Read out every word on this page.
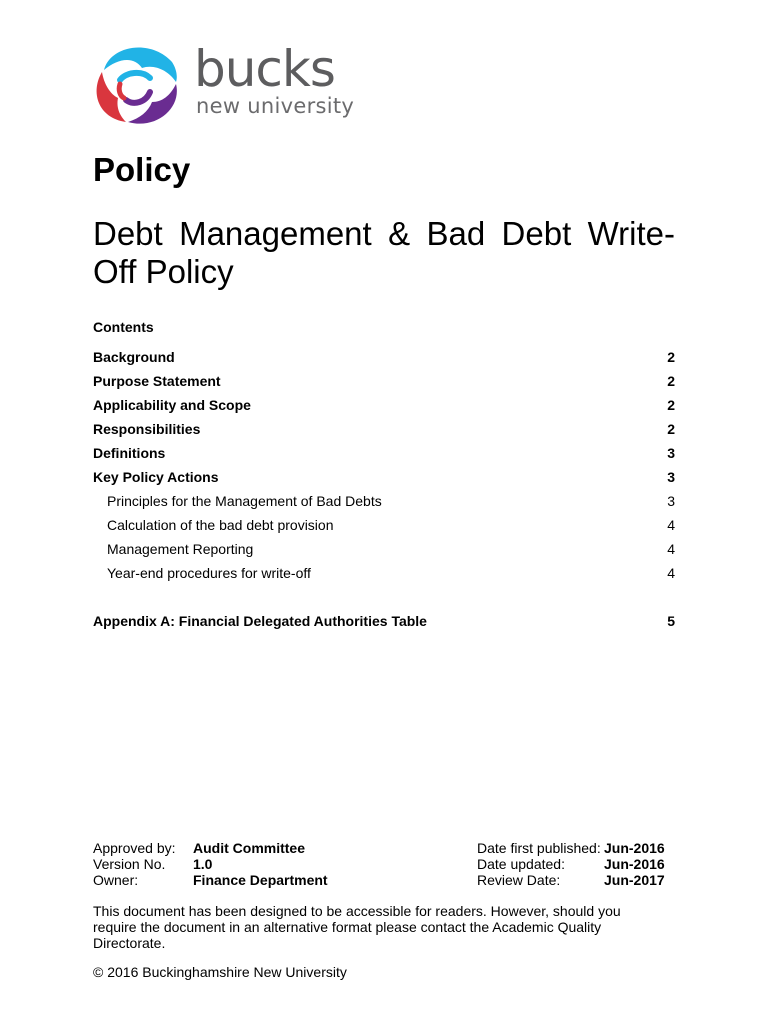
bucks
new university
Policy
Debt Management & Bad Debt Write-Off Policy
Contents
Background	2
Purpose Statement	2
Applicability and Scope	2
Responsibilities	2
Definitions	3
Key Policy Actions	3
Principles for the Management of Bad Debts	3
Calculation of the bad debt provision	4
Management Reporting	4
Year-end procedures for write-off	4
Appendix A: Financial Delegated Authorities Table	5
Approved by: Audit Committee	Date first published: Jun-2016
Version No. 1.0	Date updated:	Jun-2016
Owner:	Finance Department	Review Date:	Jun-2017
This document has been designed to be accessible for readers. However, should you require the document in an alternative format please contact the Academic Quality Directorate.
© 2016 Buckinghamshire New University
